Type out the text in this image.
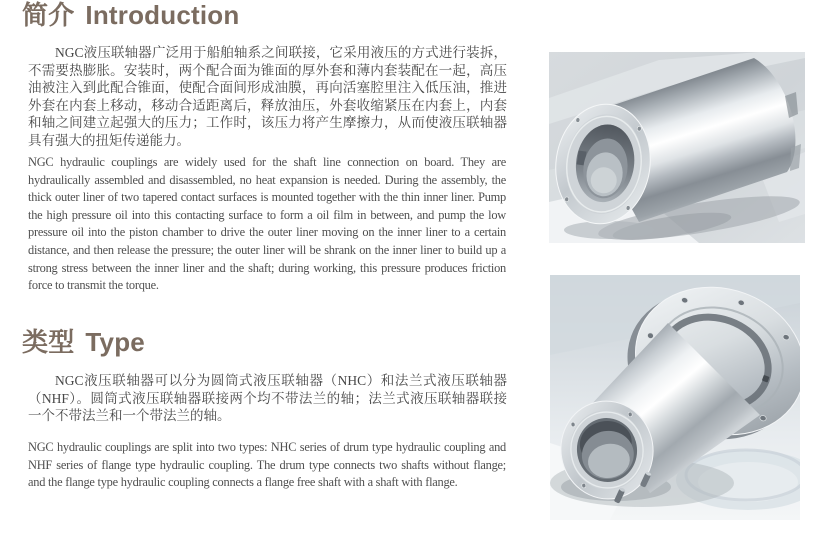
简介 Introduction

NGC液压联轴器广泛用于船舶轴系之间联接，它采用液压的方式进行装拆，不需要热膨胀。安装时，两个配合面为锥面的厚外套和薄内套装配在一起，高压油被注入到此配合锥面，使配合面间形成油膜，再向活塞腔里注入低压油，推进外套在内套上移动，移动合适距离后，释放油压，外套收缩紧压在内套上，内套和轴之间建立起强大的压力；工作时，该压力将产生摩擦力，从而使液压联轴器具有强大的扭矩传递能力。

NGC hydraulic couplings are widely used for the shaft line connection on board. They are hydraulically assembled and disassembled, no heat expansion is needed. During the assembly, the thick outer liner of two tapered contact surfaces is mounted together with the thin inner liner. Pump the high pressure oil into this contacting surface to form a oil film in between, and pump the low pressure oil into the piston chamber to drive the outer liner moving on the inner liner to a certain distance, and then release the pressure; the outer liner will be shrank on the inner liner to build up a strong stress between the inner liner and the shaft; during working, this pressure produces friction force to transmit the torque.

类型 Type

NGC液压联轴器可以分为圆筒式液压联轴器（NHC）和法兰式液压联轴器（NHF）。圆筒式液压联轴器联接两个均不带法兰的轴；法兰式液压联轴器联接一个不带法兰和一个带法兰的轴。

NGC hydraulic couplings are split into two types: NHC series of drum type hydraulic coupling and NHF series of flange type hydraulic coupling. The drum type connects two shafts without flange; and the flange type hydraulic coupling connects a flange free shaft with a shaft with flange.
